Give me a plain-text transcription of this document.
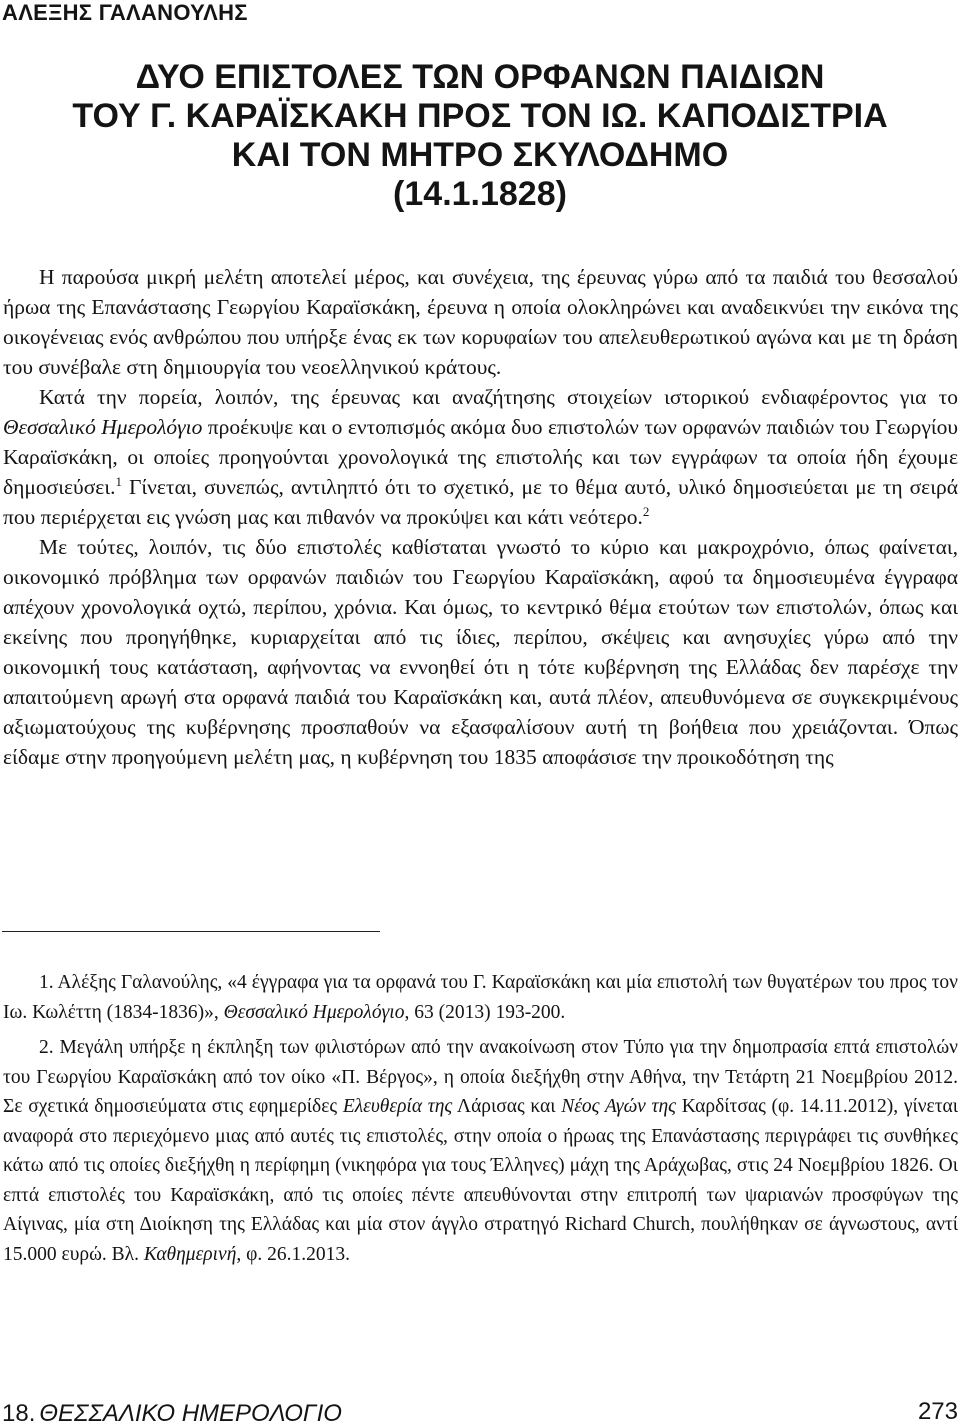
ΑΛΕΞΗΣ ΓΑΛΑΝΟΥΛΗΣ
ΔΥΟ ΕΠΙΣΤΟΛΕΣ ΤΩΝ ΟΡΦΑΝΩΝ ΠΑΙΔΙΩΝ
ΤΟΥ Γ. ΚΑΡΑΪΣΚΑΚΗ ΠΡΟΣ ΤΟΝ ΙΩ. ΚΑΠΟΔΙΣΤΡΙΑ
ΚΑΙ ΤΟΝ ΜΗΤΡΟ ΣΚΥΛΟΔΗΜΟ
(14.1.1828)

Η παρούσα μικρή μελέτη αποτελεί μέρος, και συνέχεια, της έρευνας γύρω από τα παιδιά του θεσσαλού ήρωα της Επανάστασης Γεωργίου Καραϊσκάκη, έρευνα η οποία ολοκληρώνει και αναδεικνύει την εικόνα της οικογένειας ενός ανθρώπου που υπήρξε ένας εκ των κορυφαίων του απελευθερωτικού αγώνα και με τη δράση του συνέβαλε στη δημιουργία του νεοελληνικού κράτους.

Κατά την πορεία, λοιπόν, της έρευνας και αναζήτησης στοιχείων ιστορικού ενδιαφέροντος για το Θεσσαλικό Ημερολόγιο προέκυψε και ο εντοπισμός ακόμα δυο επιστολών των ορφανών παιδιών του Γεωργίου Καραϊσκάκη, οι οποίες προηγούνται χρονολογικά της επιστολής και των εγγράφων τα οποία ήδη έχουμε δημοσιεύσει.$^1$ Γίνεται, συνεπώς, αντιληπτό ότι το σχετικό, με το θέμα αυτό, υλικό δημοσιεύεται με τη σειρά που περιέρχεται εις γνώση μας και πιθανόν να προκύψει και κάτι νεότερο.$^2$

Με τούτες, λοιπόν, τις δύο επιστολές καθίσταται γνωστό το κύριο και μακροχρόνιο, όπως φαίνεται, οικονομικό πρόβλημα των ορφανών παιδιών του Γεωργίου Καραϊσκάκη, αφού τα δημοσιευμένα έγγραφα απέχουν χρονολογικά οχτώ, περίπου, χρόνια. Και όμως, το κεντρικό θέμα ετούτων των επιστολών, όπως και εκείνης που προηγήθηκε, κυριαρχείται από τις ίδιες, περίπου, σκέψεις και ανησυχίες γύρω από την οικονομική τους κατάσταση, αφήνοντας να εννοηθεί ότι η τότε κυβέρνηση της Ελλάδας δεν παρέσχε την απαιτούμενη αρωγή στα ορφανά παιδιά του Καραϊσκάκη και, αυτά πλέον, απευθυνόμενα σε συγκεκριμένους αξιωματούχους της κυβέρνησης προσπαθούν να εξασφαλίσουν αυτή τη βοήθεια που χρειάζονται. Όπως είδαμε στην προηγούμενη μελέτη μας, η κυβέρνηση του 1835 αποφάσισε την προικοδότηση της

1. Αλέξης Γαλανούλης, «4 έγγραφα για τα ορφανά του Γ. Καραϊσκάκη και μία επιστολή των θυγατέρων του προς τον Ιω. Κωλέττη (1834-1836)», Θεσσαλικό Ημερολόγιο, 63 (2013) 193-200.

2. Μεγάλη υπήρξε η έκπληξη των φιλιστόρων από την ανακοίνωση στον Τύπο για την δημοπρασία επτά επιστολών του Γεωργίου Καραϊσκάκη από τον οίκο «Π. Βέργος», η οποία διεξήχθη στην Αθήνα, την Τετάρτη 21 Νοεμβρίου 2012. Σε σχετικά δημοσιεύματα στις εφημερίδες Ελευθερία της Λάρισας και Νέος Αγών της Καρδίτσας (φ. 14.11.2012), γίνεται αναφορά στο περιεχόμενο μιας από αυτές τις επιστολές, στην οποία ο ήρωας της Επανάστασης περιγράφει τις συνθήκες κάτω από τις οποίες διεξήχθη η περίφημη (νικηφόρα για τους Έλληνες) μάχη της Αράχωβας, στις 24 Νοεμβρίου 1826. Οι επτά επιστολές του Καραϊσκάκη, από τις οποίες πέντε απευθύνονται στην επιτροπή των ψαριανών προσφύγων της Αίγινας, μία στη Διοίκηση της Ελλάδας και μία στον άγγλο στρατηγό Richard Church, πουλήθηκαν σε άγνωστους, αντί 15.000 ευρώ. Βλ. Καθημερινή, φ. 26.1.2013.

18. ΘΕΣΣΑΛΙΚΟ ΗΜΕΡΟΛΟΓΙΟ	273
